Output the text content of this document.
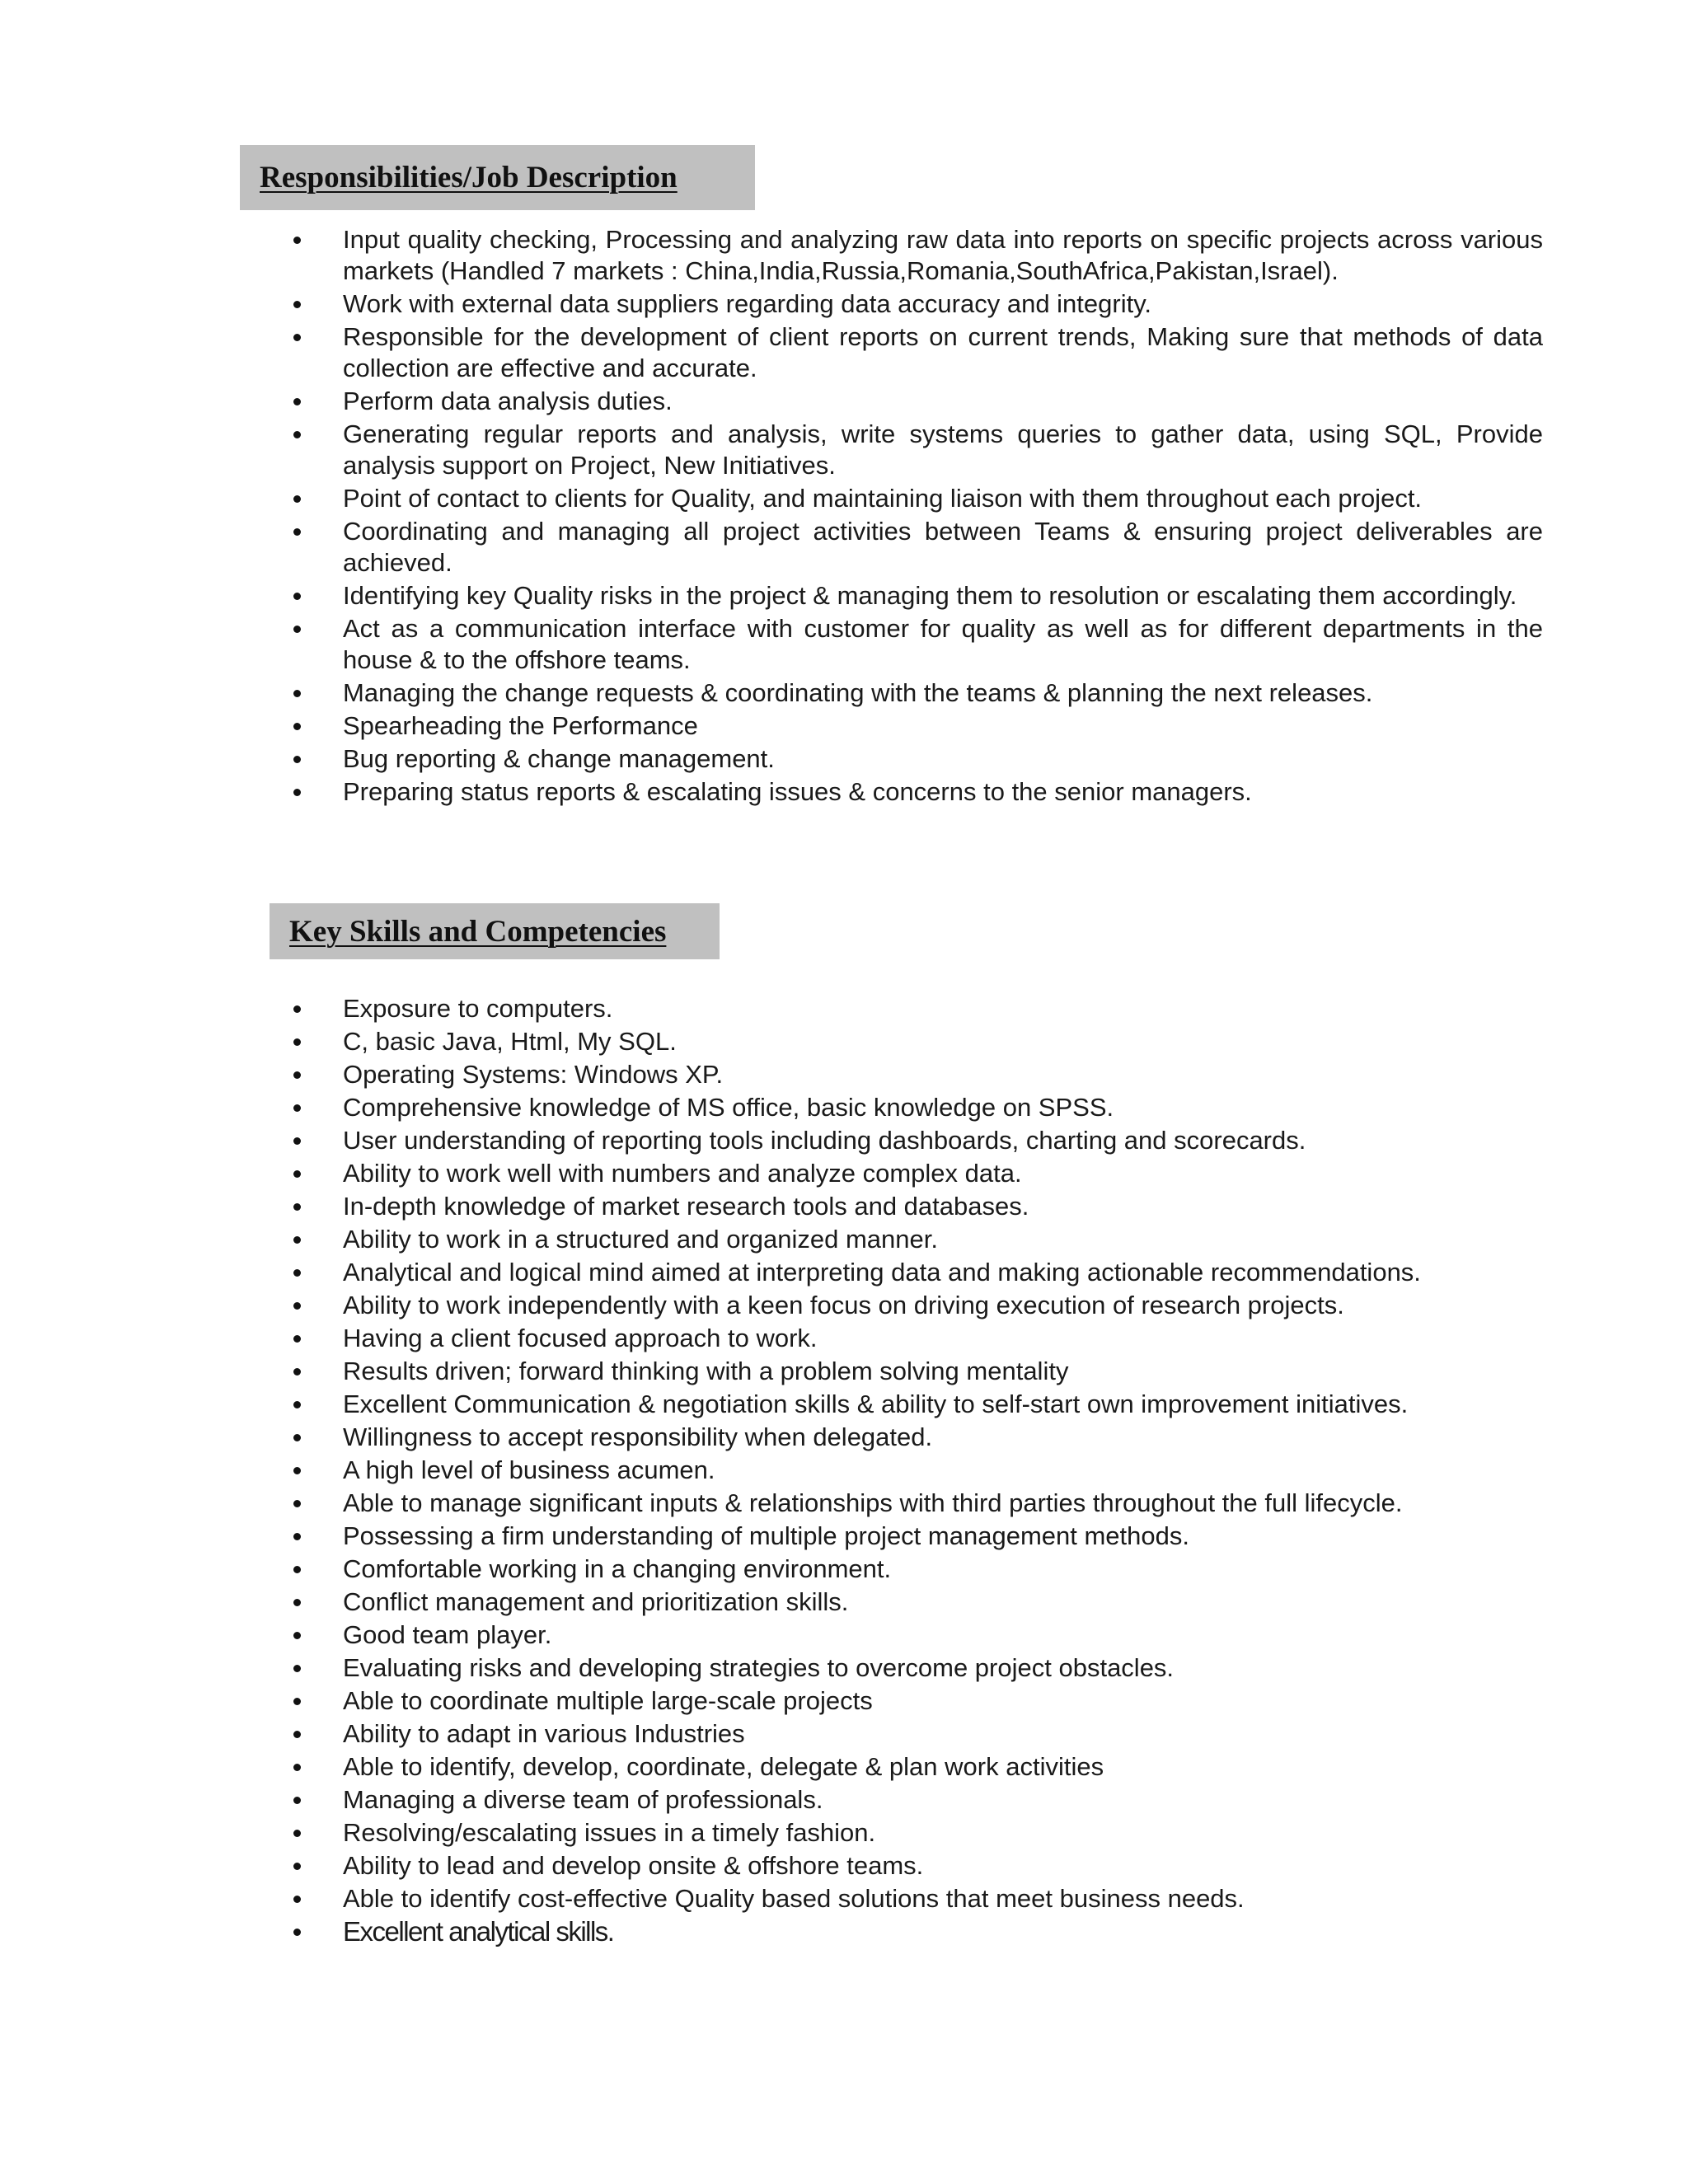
Responsibilities/Job Description
Input quality checking, Processing and analyzing raw data into reports on specific projects across various markets (Handled 7 markets : China,India,Russia,Romania,SouthAfrica,Pakistan,Israel).
Work with external data suppliers regarding data accuracy and integrity.
Responsible for the development of client reports on current trends, Making sure that methods of data collection are effective and accurate.
Perform data analysis duties.
Generating regular reports and analysis, write systems queries to gather data, using SQL, Provide analysis support on Project, New Initiatives.
Point of contact to clients for Quality, and maintaining liaison with them throughout each project.
Coordinating and managing all project activities between Teams & ensuring project deliverables are achieved.
Identifying key Quality risks in the project & managing them to resolution or escalating them accordingly.
Act as a communication interface with customer for quality as well as for different departments in the house & to the offshore teams.
Managing the change requests & coordinating with the teams & planning the next releases.
Spearheading the Performance
Bug reporting & change management.
Preparing status reports & escalating issues & concerns to the senior managers.
Key Skills and Competencies
Exposure to computers.
C, basic Java, Html, My SQL.
Operating Systems: Windows XP.
Comprehensive knowledge of MS office, basic knowledge on SPSS.
User understanding of reporting tools including dashboards, charting and scorecards.
Ability to work well with numbers and analyze complex data.
In-depth knowledge of market research tools and databases.
Ability to work in a structured and organized manner.
Analytical and logical mind aimed at interpreting data and making actionable recommendations.
Ability to work independently with a keen focus on driving execution of research projects.
Having a client focused approach to work.
Results driven; forward thinking with a problem solving mentality
Excellent Communication & negotiation skills & ability to self-start own improvement initiatives.
Willingness to accept responsibility when delegated.
A high level of business acumen.
Able to manage significant inputs & relationships with third parties throughout the full lifecycle.
Possessing a firm understanding of multiple project management methods.
Comfortable working in a changing environment.
Conflict management and prioritization skills.
Good team player.
Evaluating risks and developing strategies to overcome project obstacles.
Able to coordinate multiple large-scale projects
Ability to adapt in various Industries
Able to identify, develop, coordinate, delegate & plan work activities
Managing a diverse team of professionals.
Resolving/escalating issues in a timely fashion.
Ability to lead and develop onsite & offshore teams.
Able to identify cost-effective Quality based solutions that meet business needs.
Excellent analytical skills.
